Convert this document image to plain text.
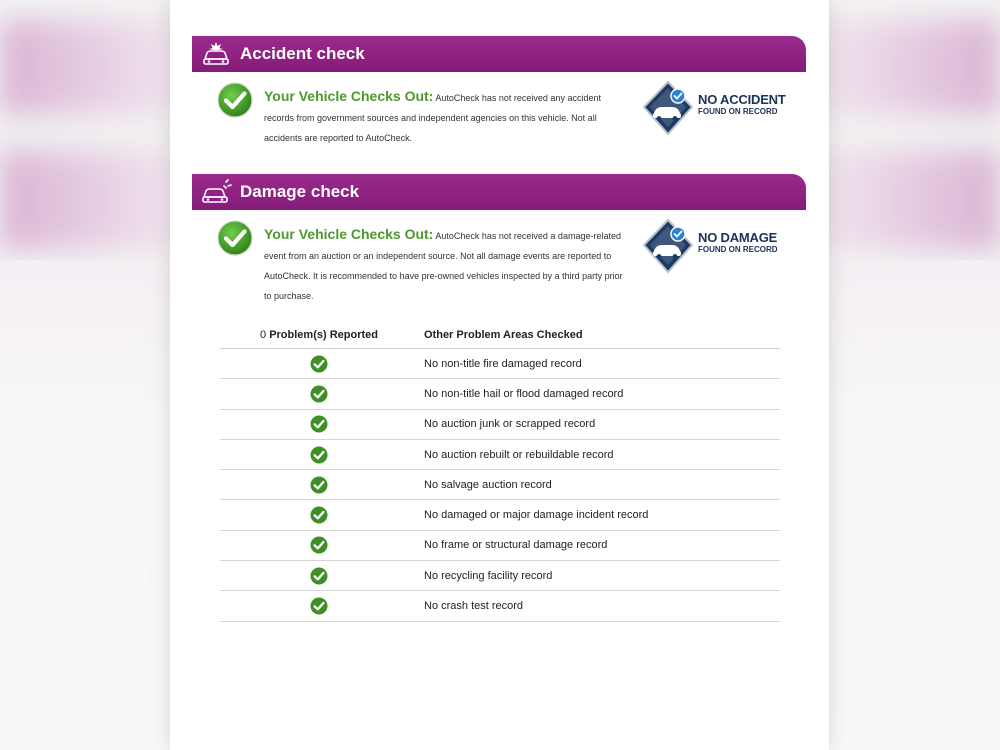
Accident check
Your Vehicle Checks Out: AutoCheck has not received any accident records from government sources and independent agencies on this vehicle. Not all accidents are reported to AutoCheck.
NO ACCIDENT
FOUND ON RECORD
Damage check
Your Vehicle Checks Out: AutoCheck has not received a damage-related event from an auction or an independent source. Not all damage events are reported to AutoCheck. It is recommended to have pre-owned vehicles inspected by a third party prior to purchase.
NO DAMAGE
FOUND ON RECORD
0
Problem(s) Reported	Other Problem Areas Checked
No non-title fire damaged record
No non-title hail or flood damaged record
No auction junk or scrapped record
No auction rebuilt or rebuildable record
No salvage auction record
No damaged or major damage incident record
No frame or structural damage record
No recycling facility record
No crash test record
